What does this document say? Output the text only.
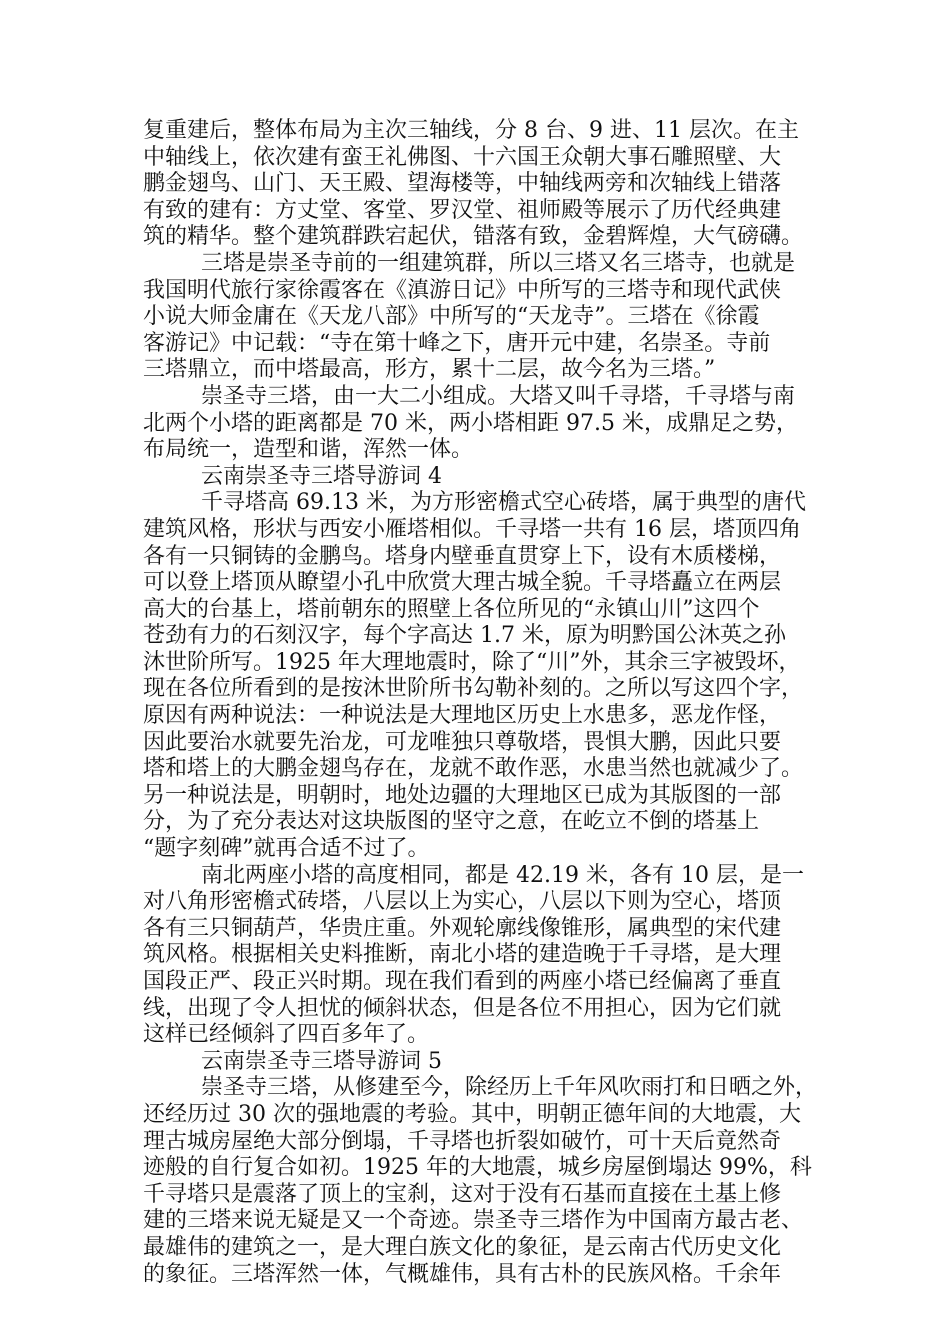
复重建后，整体布局为主次三轴线，分 8 台、9 进、11 层次。在主
中轴线上，依次建有蛮王礼佛图、十六国王众朝大事石雕照壁、大
鹏金翅鸟、山门、天王殿、望海楼等，中轴线两旁和次轴线上错落
有致的建有：方丈堂、客堂、罗汉堂、祖师殿等展示了历代经典建
筑的精华。整个建筑群跌宕起伏，错落有致，金碧辉煌，大气磅礴。
三塔是崇圣寺前的一组建筑群，所以三塔又名三塔寺，也就是
我国明代旅行家徐霞客在《滇游日记》中所写的三塔寺和现代武侠
小说大师金庸在《天龙八部》中所写的“天龙寺”。三塔在《徐霞
客游记》中记载：“寺在第十峰之下，唐开元中建，名崇圣。寺前
三塔鼎立，而中塔最高，形方，累十二层，故今名为三塔。”
崇圣寺三塔，由一大二小组成。大塔又叫千寻塔，千寻塔与南
北两个小塔的距离都是 70 米，两小塔相距 97.5 米，成鼎足之势，
布局统一，造型和谐，浑然一体。
云南崇圣寺三塔导游词 4
千寻塔高 69.13 米，为方形密檐式空心砖塔，属于典型的唐代
建筑风格，形状与西安小雁塔相似。千寻塔一共有 16 层，塔顶四角
各有一只铜铸的金鹏鸟。塔身内壁垂直贯穿上下，设有木质楼梯，
可以登上塔顶从瞭望小孔中欣赏大理古城全貌。千寻塔矗立在两层
高大的台基上，塔前朝东的照壁上各位所见的“永镇山川”这四个
苍劲有力的石刻汉字，每个字高达 1.7 米，原为明黔国公沐英之孙
沐世阶所写。1925 年大理地震时，除了“川”外，其余三字被毁坏，
现在各位所看到的是按沐世阶所书勾勒补刻的。之所以写这四个字，
原因有两种说法：一种说法是大理地区历史上水患多，恶龙作怪，
因此要治水就要先治龙，可龙唯独只尊敬塔，畏惧大鹏，因此只要
塔和塔上的大鹏金翅鸟存在，龙就不敢作恶，水患当然也就减少了。
另一种说法是，明朝时，地处边疆的大理地区已成为其版图的一部
分，为了充分表达对这块版图的坚守之意，在屹立不倒的塔基上
“题字刻碑”就再合适不过了。
南北两座小塔的高度相同，都是 42.19 米，各有 10 层，是一
对八角形密檐式砖塔，八层以上为实心，八层以下则为空心，塔顶
各有三只铜葫芦，华贵庄重。外观轮廓线像锥形，属典型的宋代建
筑风格。根据相关史料推断，南北小塔的建造晚于千寻塔，是大理
国段正严、段正兴时期。现在我们看到的两座小塔已经偏离了垂直
线，出现了令人担忧的倾斜状态，但是各位不用担心，因为它们就
这样已经倾斜了四百多年了。
云南崇圣寺三塔导游词 5
崇圣寺三塔，从修建至今，除经历上千年风吹雨打和日晒之外，
还经历过 30 次的强地震的考验。其中，明朝正德年间的大地震，大
理古城房屋绝大部分倒塌，千寻塔也折裂如破竹，可十天后竟然奇
迹般的自行复合如初。1925 年的大地震，城乡房屋倒塌达 99%，科
千寻塔只是震落了顶上的宝刹，这对于没有石基而直接在土基上修
建的三塔来说无疑是又一个奇迹。崇圣寺三塔作为中国南方最古老、
最雄伟的建筑之一，是大理白族文化的象征，是云南古代历史文化
的象征。三塔浑然一体，气概雄伟，具有古朴的民族风格。千余年
